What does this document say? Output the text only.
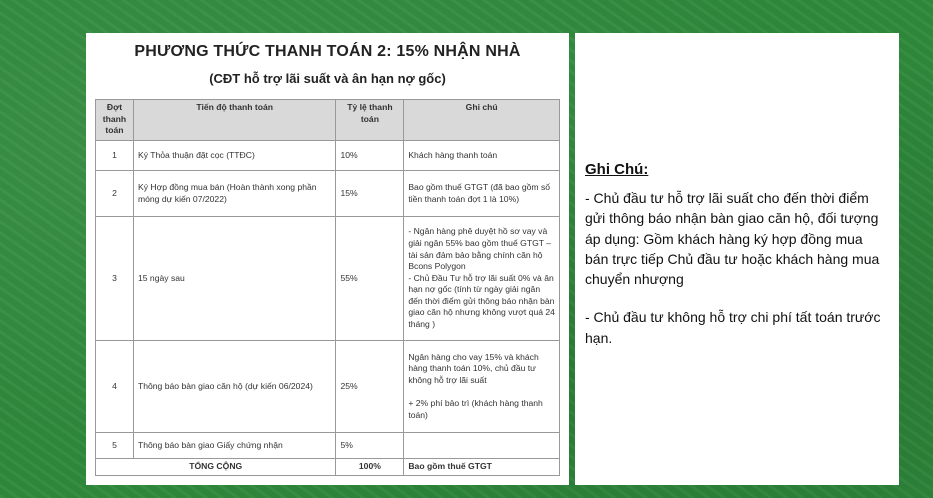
PHƯƠNG THỨC THANH TOÁN 2: 15% NHẬN NHÀ
(CĐT hỗ trợ lãi suất và ân hạn nợ gốc)
Đợt thanh toán	Tiến độ thanh toán	Tỷ lệ thanh toán	Ghi chú
1	Ký Thỏa thuận đặt cọc (TTĐC)	10%	Khách hàng thanh toán
2	Ký Hợp đồng mua bán (Hoàn thành xong phần móng dự kiến 07/2022)	15%	Bao gồm thuế GTGT (đã bao gồm số tiền thanh toán đợt 1 là 10%)
3	15 ngày sau	55%	- Ngân hàng phê duyệt hồ sơ vay và giải ngân 55% bao gồm thuế GTGT – tài sản đảm bảo bằng chính căn hộ Bcons Polygon
- Chủ Đầu Tư hỗ trợ lãi suất 0% và ân hạn nợ gốc (tính từ ngày giải ngân đến thời điểm gửi thông báo nhận bàn giao căn hộ nhưng không vượt quá 24 tháng )
4	Thông báo bàn giao căn hộ (dự kiến 06/2024)	25%	Ngân hàng cho vay 15% và khách hàng thanh toán 10%, chủ đầu tư không hỗ trợ lãi suất

+ 2% phí bảo trì (khách hàng thanh toán)
5	Thông báo bàn giao Giấy chứng nhận	5%	
TỔNG CỘNG		100%	Bao gồm thuế GTGT
Ghi Chú:
- Chủ đầu tư hỗ trợ lãi suất cho đến thời điểm gửi thông báo nhận bàn giao căn hộ, đối tượng áp dụng: Gồm khách hàng ký hợp đồng mua bán trực tiếp Chủ đầu tư hoặc khách hàng mua chuyển nhượng
- Chủ đầu tư không hỗ trợ chi phí tất toán trước hạn.
